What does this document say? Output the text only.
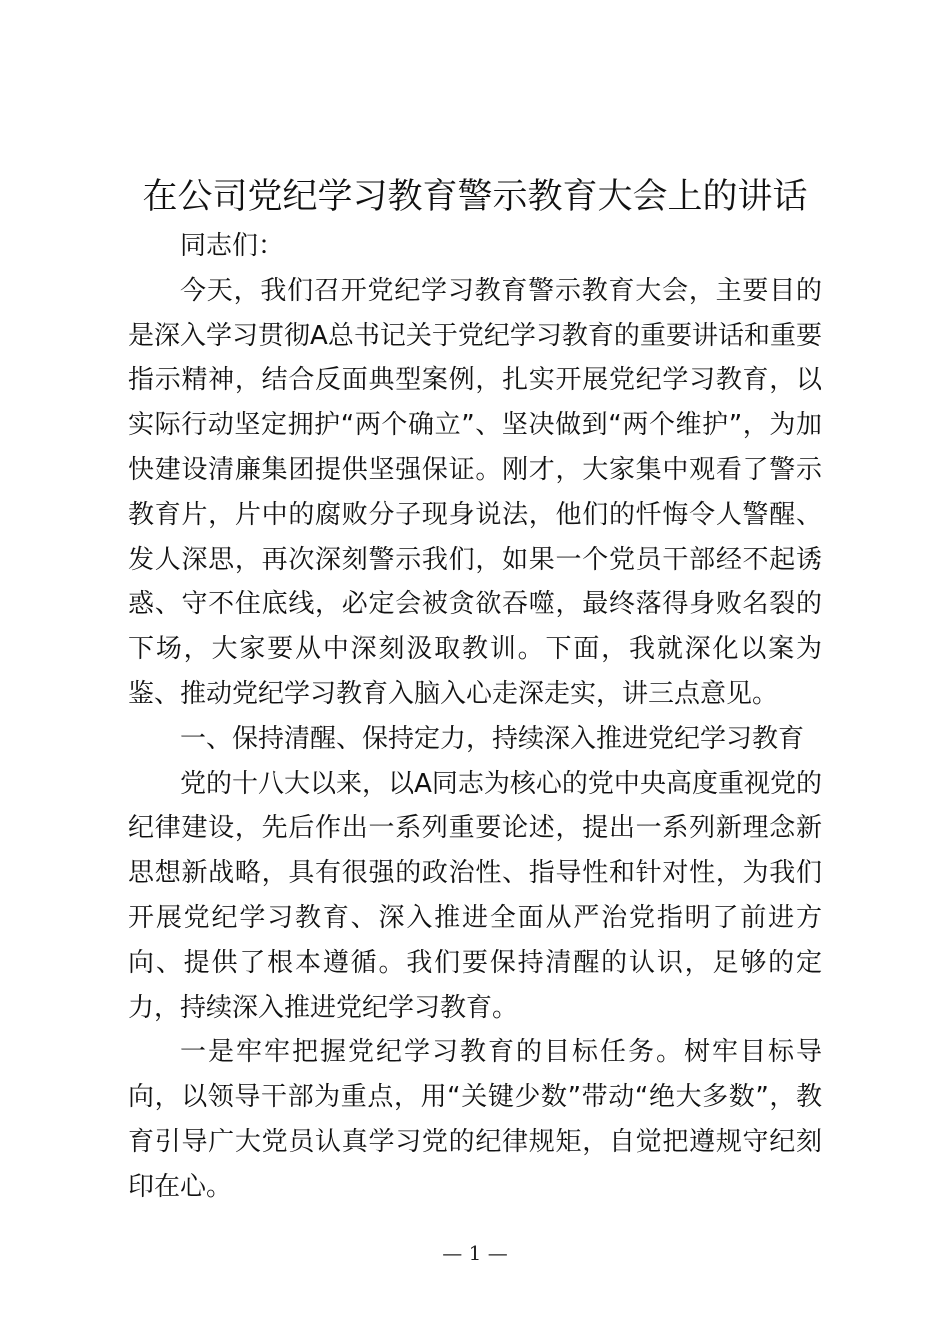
在公司党纪学习教育警示教育大会上的讲话

同志们：

今天，我们召开党纪学习教育警示教育大会，主要目的是深入学习贯彻A总书记关于党纪学习教育的重要讲话和重要指示精神，结合反面典型案例，扎实开展党纪学习教育，以实际行动坚定拥护“两个确立”、坚决做到“两个维护”，为加快建设清廉集团提供坚强保证。刚才，大家集中观看了警示教育片，片中的腐败分子现身说法，他们的忏悔令人警醒、发人深思，再次深刻警示我们，如果一个党员干部经不起诱惑、守不住底线，必定会被贪欲吞噬，最终落得身败名裂的下场，大家要从中深刻汲取教训。下面，我就深化以案为鉴、推动党纪学习教育入脑入心走深走实，讲三点意见。

一、保持清醒、保持定力，持续深入推进党纪学习教育

党的十八大以来，以A同志为核心的党中央高度重视党的纪律建设，先后作出一系列重要论述，提出一系列新理念新思想新战略，具有很强的政治性、指导性和针对性，为我们开展党纪学习教育、深入推进全面从严治党指明了前进方向、提供了根本遵循。我们要保持清醒的认识，足够的定力，持续深入推进党纪学习教育。

一是牢牢把握党纪学习教育的目标任务。树牢目标导向，以领导干部为重点，用“关键少数”带动“绝大多数”，教育引导广大党员认真学习党的纪律规矩，自觉把遵规守纪刻印在心。

— 1 —
